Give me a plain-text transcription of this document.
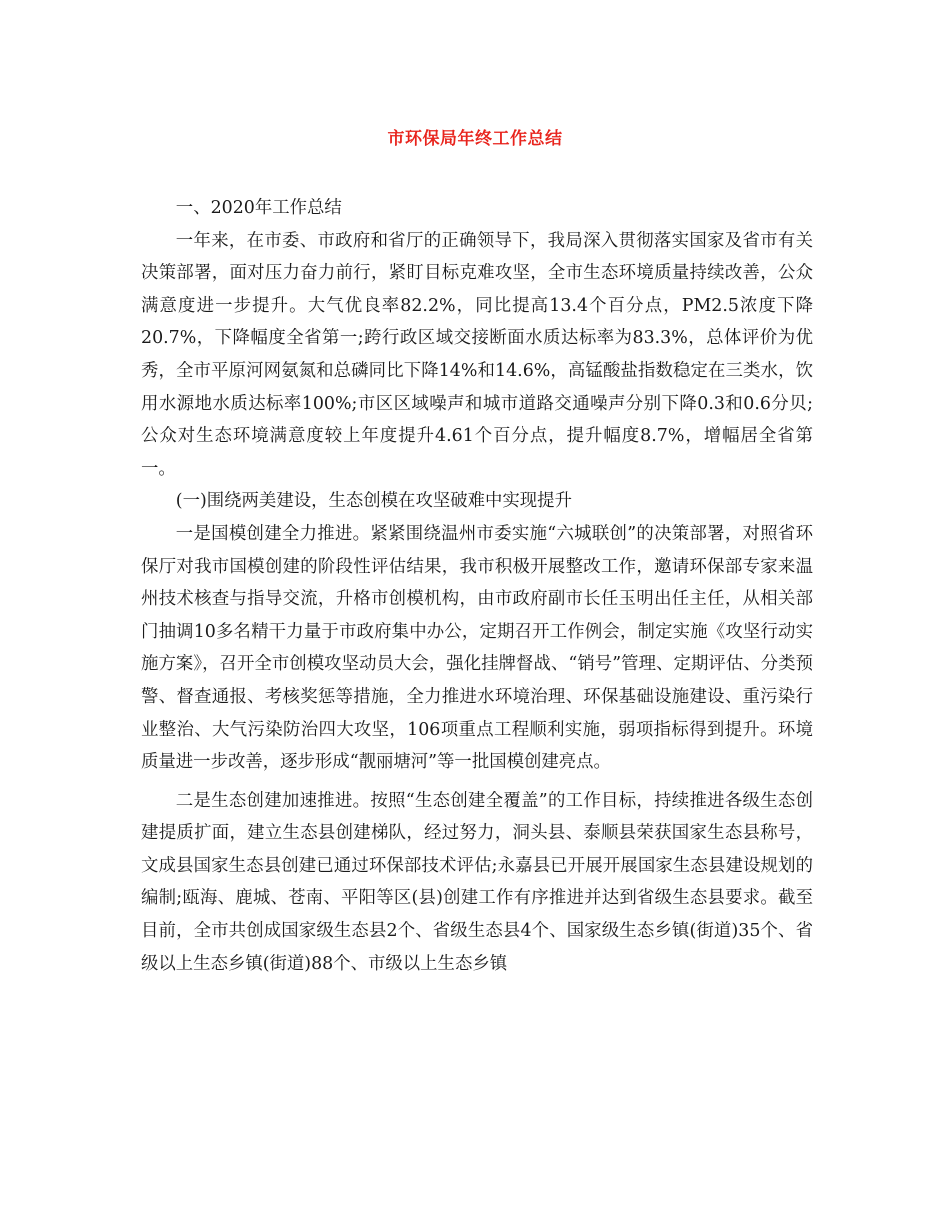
市环保局年终工作总结

一、2020年工作总结

一年来，在市委、市政府和省厅的正确领导下，我局深入贯彻落实国家及省市有关决策部署，面对压力奋力前行，紧盯目标克难攻坚，全市生态环境质量持续改善，公众满意度进一步提升。大气优良率82.2%，同比提高13.4个百分点，PM2.5浓度下降20.7%，下降幅度全省第一;跨行政区域交接断面水质达标率为83.3%，总体评价为优秀，全市平原河网氨氮和总磷同比下降14%和14.6%，高锰酸盐指数稳定在三类水，饮用水源地水质达标率100%;市区区域噪声和城市道路交通噪声分别下降0.3和0.6分贝;公众对生态环境满意度较上年度提升4.61个百分点，提升幅度8.7%，增幅居全省第一。

(一)围绕两美建设，生态创模在攻坚破难中实现提升

一是国模创建全力推进。紧紧围绕温州市委实施“六城联创”的决策部署，对照省环保厅对我市国模创建的阶段性评估结果，我市积极开展整改工作，邀请环保部专家来温州技术核查与指导交流，升格市创模机构，由市政府副市长任玉明出任主任，从相关部门抽调10多名精干力量于市政府集中办公，定期召开工作例会，制定实施《攻坚行动实施方案》，召开全市创模攻坚动员大会，强化挂牌督战、“销号”管理、定期评估、分类预警、督查通报、考核奖惩等措施，全力推进水环境治理、环保基础设施建设、重污染行业整治、大气污染防治四大攻坚，106项重点工程顺利实施，弱项指标得到提升。环境质量进一步改善，逐步形成“靓丽塘河”等一批国模创建亮点。

二是生态创建加速推进。按照“生态创建全覆盖”的工作目标，持续推进各级生态创建提质扩面，建立生态县创建梯队，经过努力，洞头县、泰顺县荣获国家生态县称号，文成县国家生态县创建已通过环保部技术评估;永嘉县已开展开展国家生态县建设规划的编制;瓯海、鹿城、苍南、平阳等区(县)创建工作有序推进并达到省级生态县要求。截至目前，全市共创成国家级生态县2个、省级生态县4个、国家级生态乡镇(街道)35个、省级以上生态乡镇(街道)88个、市级以上生态乡镇
